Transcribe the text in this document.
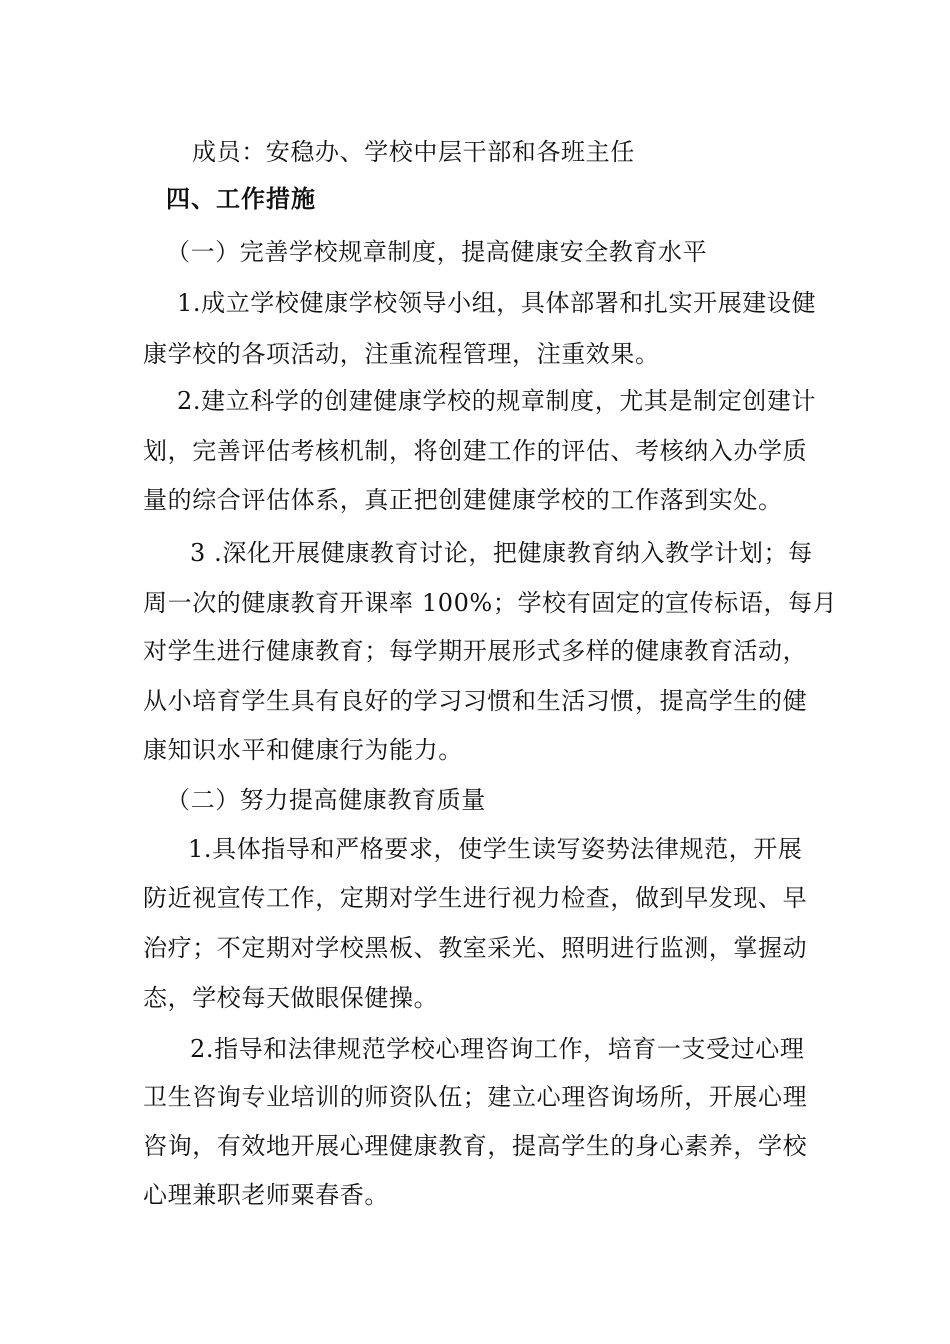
成员：安稳办、学校中层干部和各班主任
四、工作措施
（一）完善学校规章制度，提高健康安全教育水平
1.成立学校健康学校领导小组，具体部署和扎实开展建设健
康学校的各项活动，注重流程管理，注重效果。
2.建立科学的创建健康学校的规章制度，尤其是制定创建计
划，完善评估考核机制，将创建工作的评估、考核纳入办学质
量的综合评估体系，真正把创建健康学校的工作落到实处。
3 .深化开展健康教育讨论，把健康教育纳入教学计划；每
周一次的健康教育开课率 100%；学校有固定的宣传标语，每月
对学生进行健康教育；每学期开展形式多样的健康教育活动，
从小培育学生具有良好的学习习惯和生活习惯，提高学生的健
康知识水平和健康行为能力。
（二）努力提高健康教育质量
1.具体指导和严格要求，使学生读写姿势法律规范，开展
防近视宣传工作，定期对学生进行视力检查，做到早发现、早
治疗；不定期对学校黑板、教室采光、照明进行监测，掌握动
态，学校每天做眼保健操。
2.指导和法律规范学校心理咨询工作，培育一支受过心理
卫生咨询专业培训的师资队伍；建立心理咨询场所，开展心理
咨询，有效地开展心理健康教育，提高学生的身心素养，学校
心理兼职老师粟春香。
